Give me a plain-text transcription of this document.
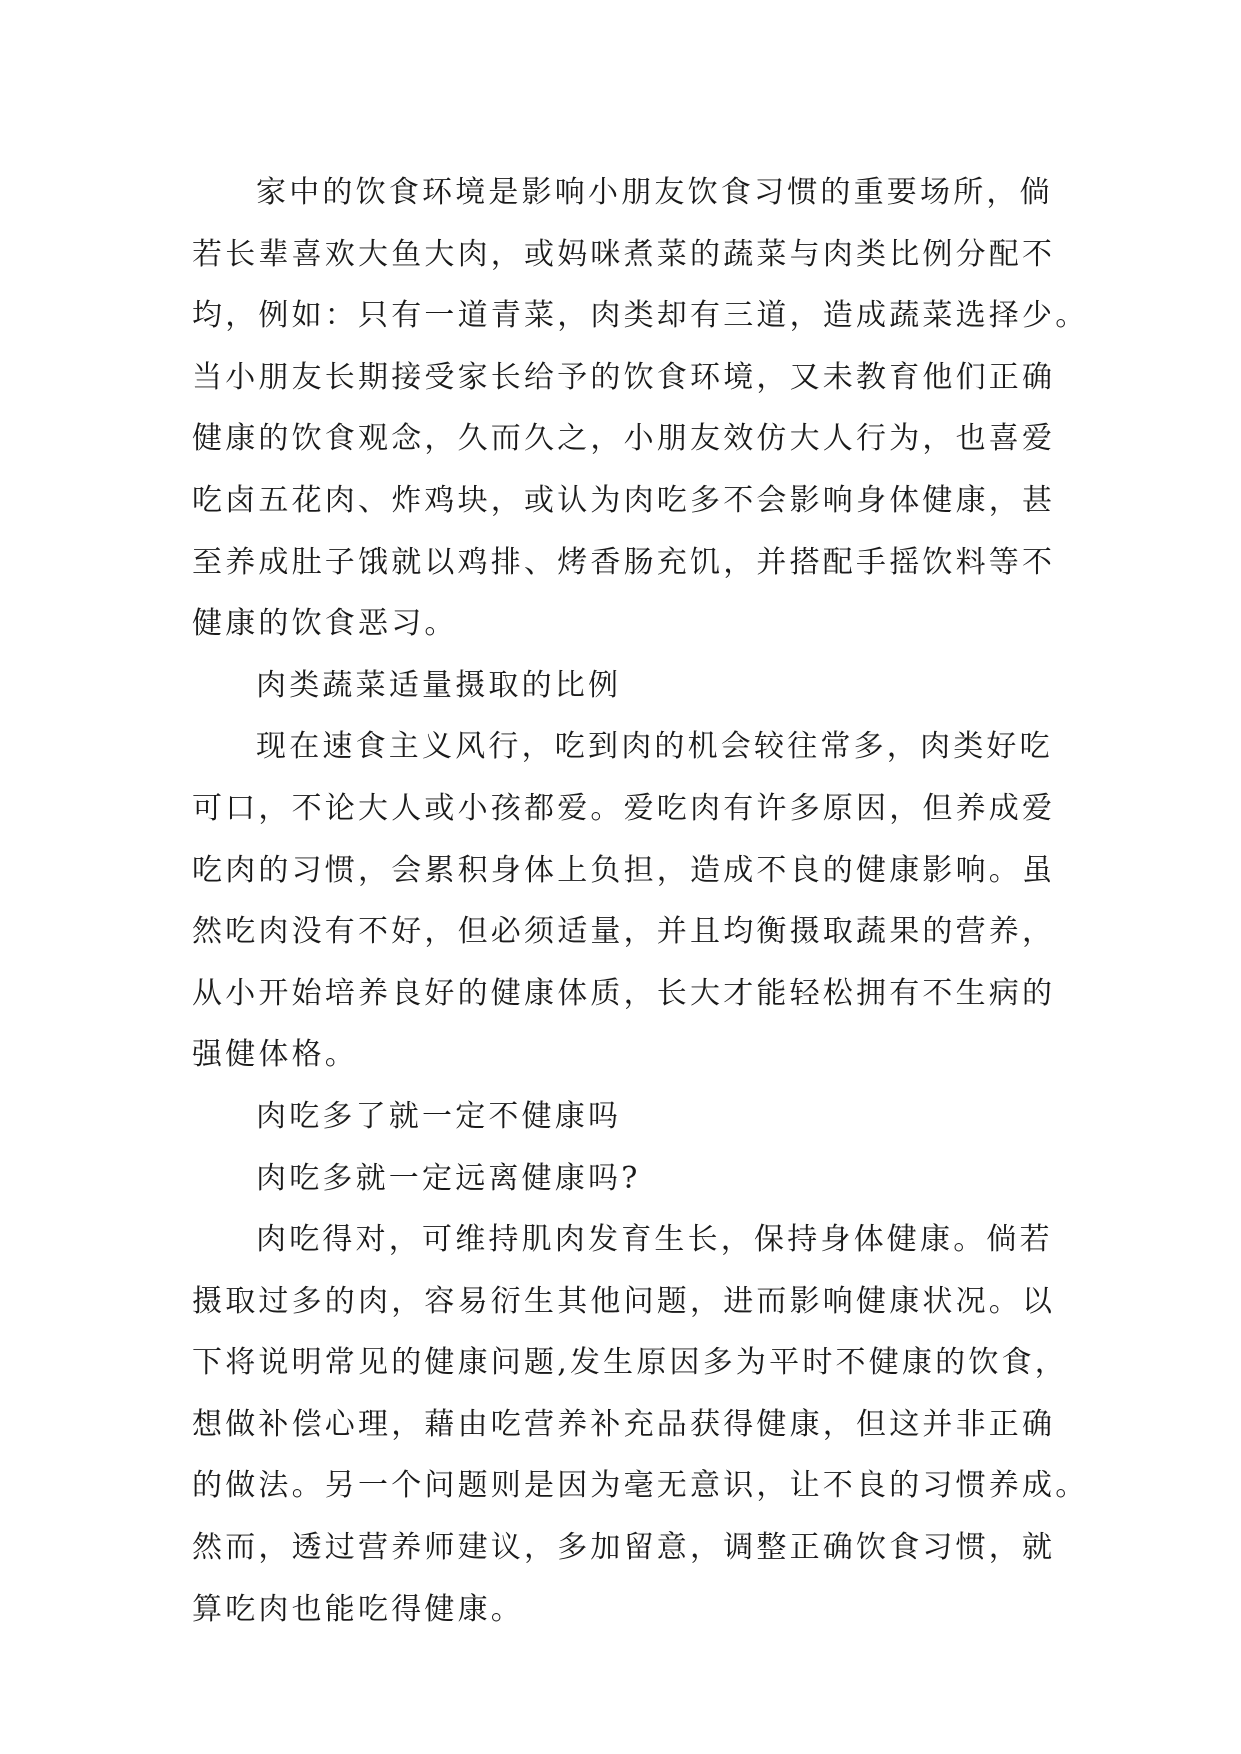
家中的饮食环境是影响小朋友饮食习惯的重要场所，倘
若长辈喜欢大鱼大肉，或妈咪煮菜的蔬菜与肉类比例分配不
均，例如：只有一道青菜，肉类却有三道，造成蔬菜选择少。
当小朋友长期接受家长给予的饮食环境，又未教育他们正确
健康的饮食观念，久而久之，小朋友效仿大人行为，也喜爱
吃卤五花肉、炸鸡块，或认为肉吃多不会影响身体健康，甚
至养成肚子饿就以鸡排、烤香肠充饥，并搭配手摇饮料等不
健康的饮食恶习。
肉类蔬菜适量摄取的比例
现在速食主义风行，吃到肉的机会较往常多，肉类好吃
可口，不论大人或小孩都爱。爱吃肉有许多原因，但养成爱
吃肉的习惯，会累积身体上负担，造成不良的健康影响。虽
然吃肉没有不好，但必须适量，并且均衡摄取蔬果的营养，
从小开始培养良好的健康体质，长大才能轻松拥有不生病的
强健体格。
肉吃多了就一定不健康吗
肉吃多就一定远离健康吗?
肉吃得对，可维持肌肉发育生长，保持身体健康。倘若
摄取过多的肉，容易衍生其他问题，进而影响健康状况。以
下将说明常见的健康问题,发生原因多为平时不健康的饮食，
想做补偿心理，藉由吃营养补充品获得健康，但这并非正确
的做法。另一个问题则是因为毫无意识，让不良的习惯养成。
然而，透过营养师建议，多加留意，调整正确饮食习惯，就
算吃肉也能吃得健康。
